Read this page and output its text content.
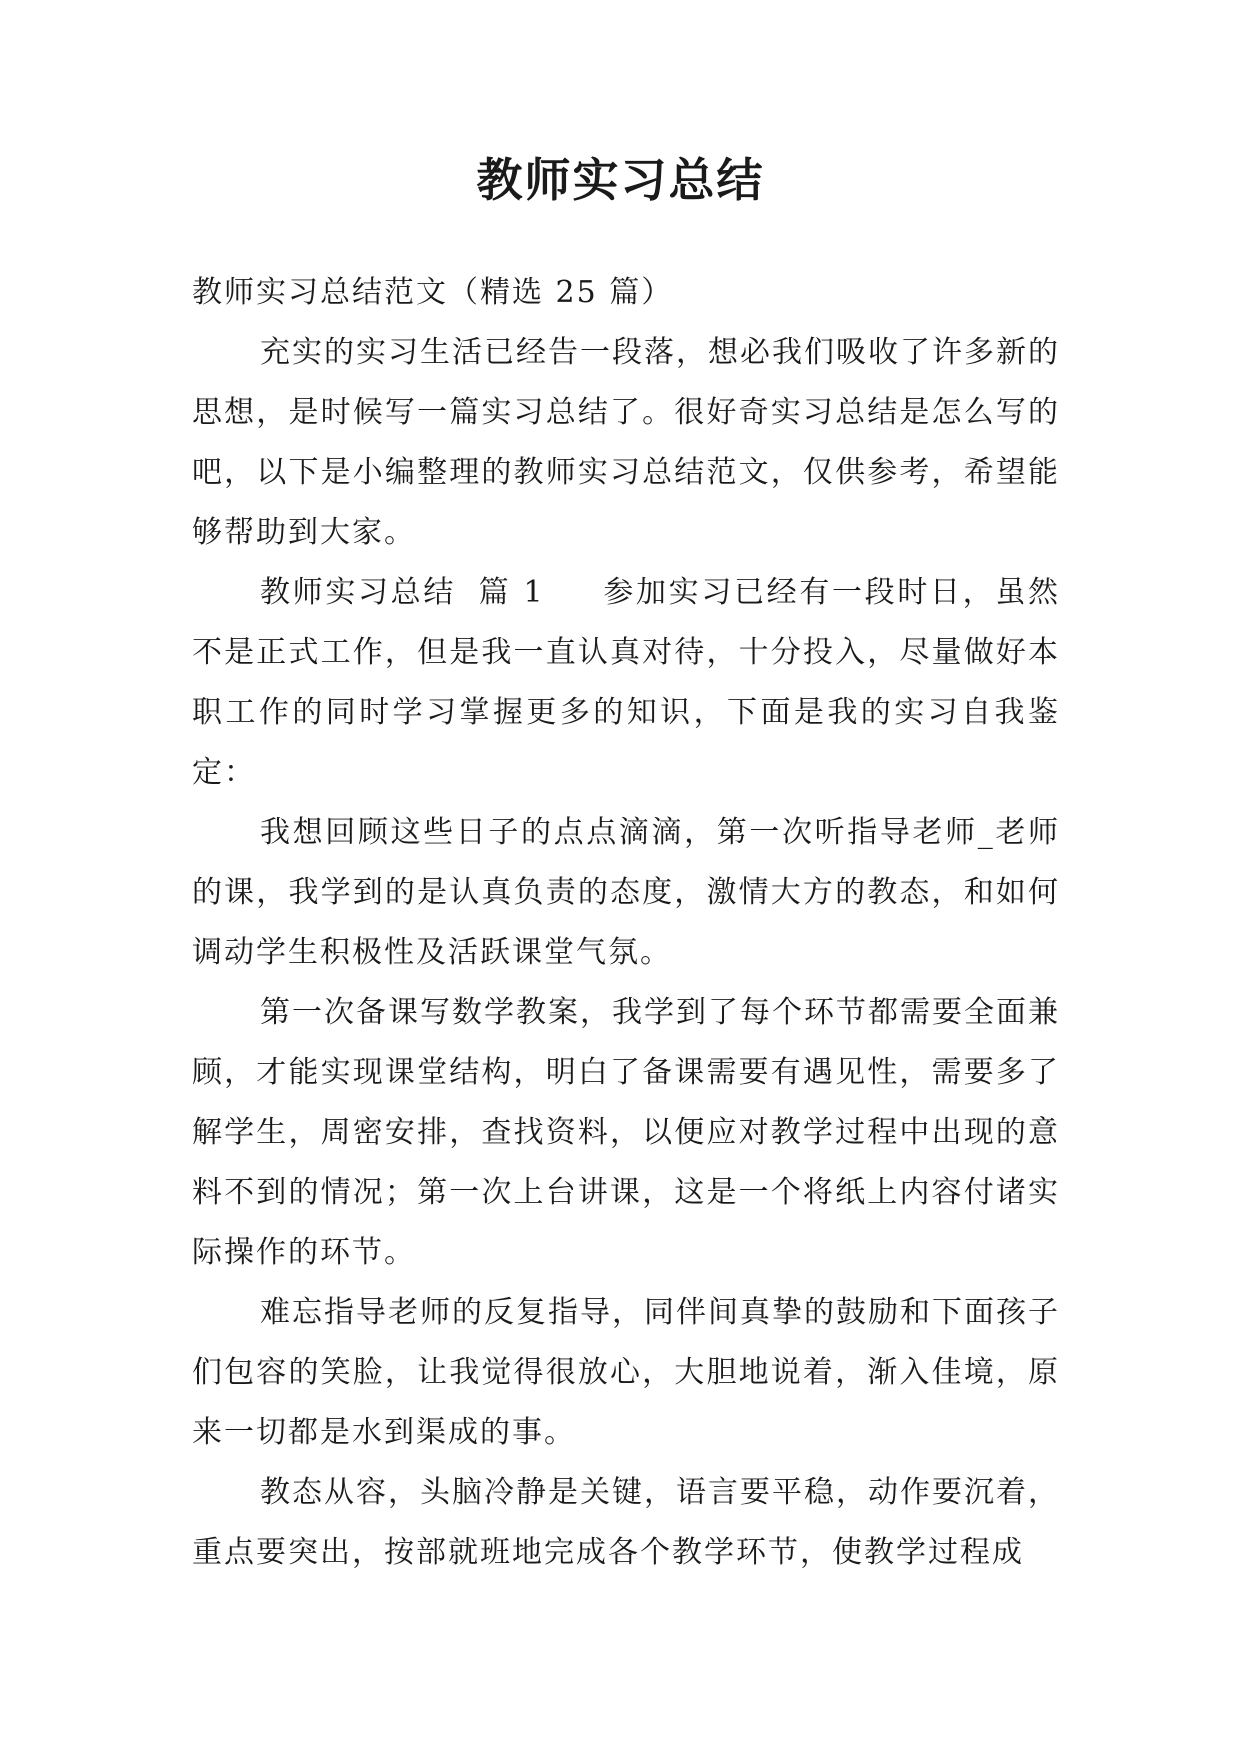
教师实习总结

教师实习总结范文（精选 25 篇）

充实的实习生活已经告一段落，想必我们吸收了许多新的思想，是时候写一篇实习总结了。很好奇实习总结是怎么写的吧，以下是小编整理的教师实习总结范文，仅供参考，希望能够帮助到大家。

教师实习总结 篇 1 参加实习已经有一段时日，虽然不是正式工作，但是我一直认真对待，十分投入，尽量做好本职工作的同时学习掌握更多的知识，下面是我的实习自我鉴定：

我想回顾这些日子的点点滴滴，第一次听指导老师_老师的课，我学到的是认真负责的态度，激情大方的教态，和如何调动学生积极性及活跃课堂气氛。

第一次备课写数学教案，我学到了每个环节都需要全面兼顾，才能实现课堂结构，明白了备课需要有遇见性，需要多了解学生，周密安排，查找资料，以便应对教学过程中出现的意料不到的情况；第一次上台讲课，这是一个将纸上内容付诸实际操作的环节。

难忘指导老师的反复指导，同伴间真挚的鼓励和下面孩子们包容的笑脸，让我觉得很放心，大胆地说着，渐入佳境，原来一切都是水到渠成的事。

教态从容，头脑冷静是关键，语言要平稳，动作要沉着，重点要突出，按部就班地完成各个教学环节，使教学过程成
